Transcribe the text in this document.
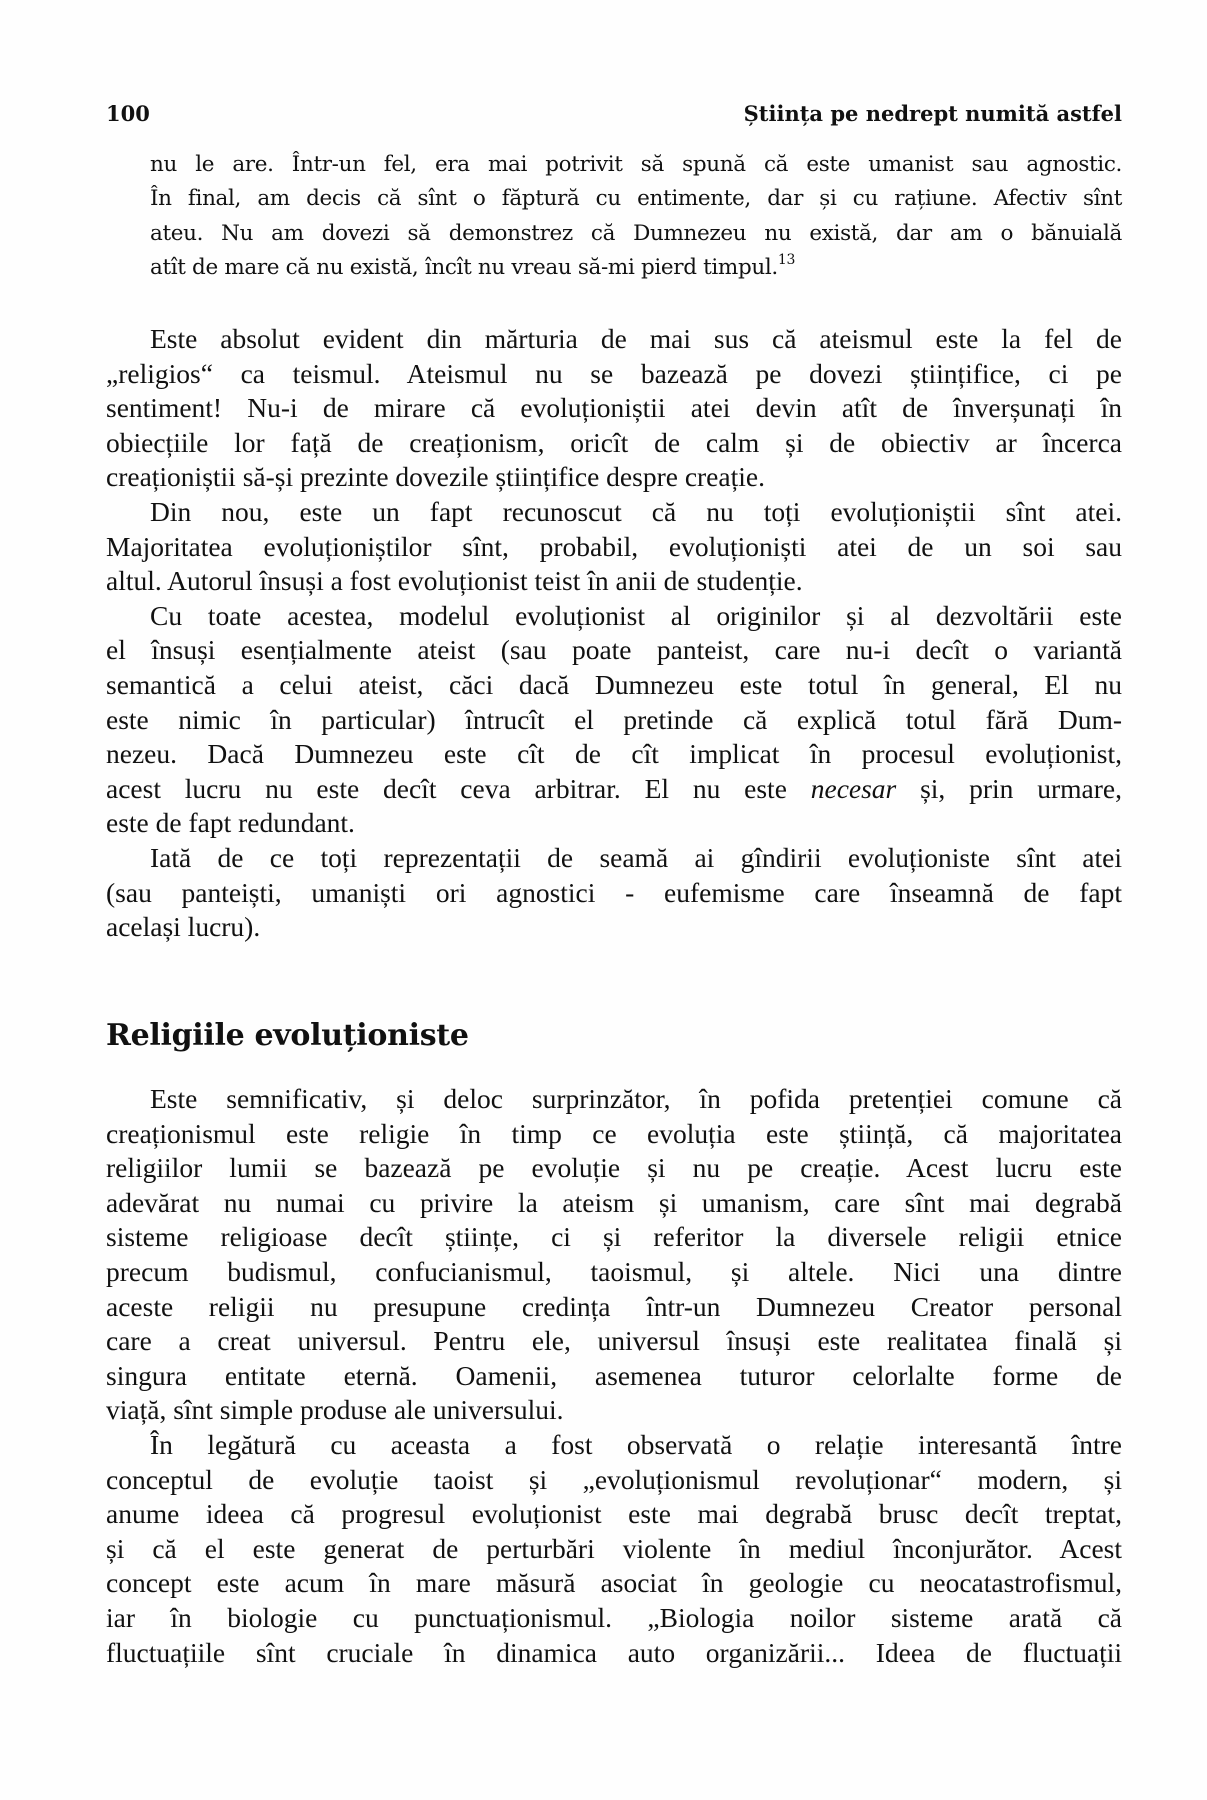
100	Știința pe nedrept numită astfel
nu le are. Într-un fel, era mai potrivit să spună că este umanist sau agnostic.
În final, am decis că sînt o făptură cu entimente, dar și cu rațiune. Afectiv sînt
ateu. Nu am dovezi să demonstrez că Dumnezeu nu există, dar am o bănuială
atît de mare că nu există, încît nu vreau să-mi pierd timpul.$^{13}$
Este absolut evident din mărturia de mai sus că ateismul este la fel de
„religios“ ca teismul. Ateismul nu se bazează pe dovezi științifice, ci pe
sentiment! Nu-i de mirare că evoluționiștii atei devin atît de înverșunați în
obiecțiile lor față de creaționism, oricît de calm și de obiectiv ar încerca
creaționiștii să-și prezinte dovezile științifice despre creație.
Din nou, este un fapt recunoscut că nu toți evoluționiștii sînt atei.
Majoritatea evoluționiștilor sînt, probabil, evoluționiști atei de un soi sau
altul. Autorul însuși a fost evoluționist teist în anii de studenție.
Cu toate acestea, modelul evoluționist al originilor și al dezvoltării este
el însuși esențialmente ateist (sau poate panteist, care nu-i decît o variantă
semantică a celui ateist, căci dacă Dumnezeu este totul în general, El nu
este nimic în particular) întrucît el pretinde că explică totul fără Dum-
nezeu. Dacă Dumnezeu este cît de cît implicat în procesul evoluționist,
acest lucru nu este decît ceva arbitrar. El nu este necesar și, prin urmare,
este de fapt redundant.
Iată de ce toți reprezentații de seamă ai gîndirii evoluționiste sînt atei
(sau panteiști, umaniști ori agnostici - eufemisme care înseamnă de fapt
același lucru).
Religiile evoluționiste
Este semnificativ, și deloc surprinzător, în pofida pretenției comune că
creaționismul este religie în timp ce evoluția este știință, că majoritatea
religiilor lumii se bazează pe evoluție și nu pe creație. Acest lucru este
adevărat nu numai cu privire la ateism și umanism, care sînt mai degrabă
sisteme religioase decît științe, ci și referitor la diversele religii etnice
precum budismul, confucianismul, taoismul, și altele. Nici una dintre
aceste religii nu presupune credința într-un Dumnezeu Creator personal
care a creat universul. Pentru ele, universul însuși este realitatea finală și
singura entitate eternă. Oamenii, asemenea tuturor celorlalte forme de
viață, sînt simple produse ale universului.
În legătură cu aceasta a fost observată o relație interesantă între
conceptul de evoluție taoist și „evoluționismul revoluționar“ modern, și
anume ideea că progresul evoluționist este mai degrabă brusc decît treptat,
și că el este generat de perturbări violente în mediul înconjurător. Acest
concept este acum în mare măsură asociat în geologie cu neocatastrofismul,
iar în biologie cu punctuaționismul. „Biologia noilor sisteme arată că
fluctuațiile sînt cruciale în dinamica auto organizării... Ideea de fluctuații
